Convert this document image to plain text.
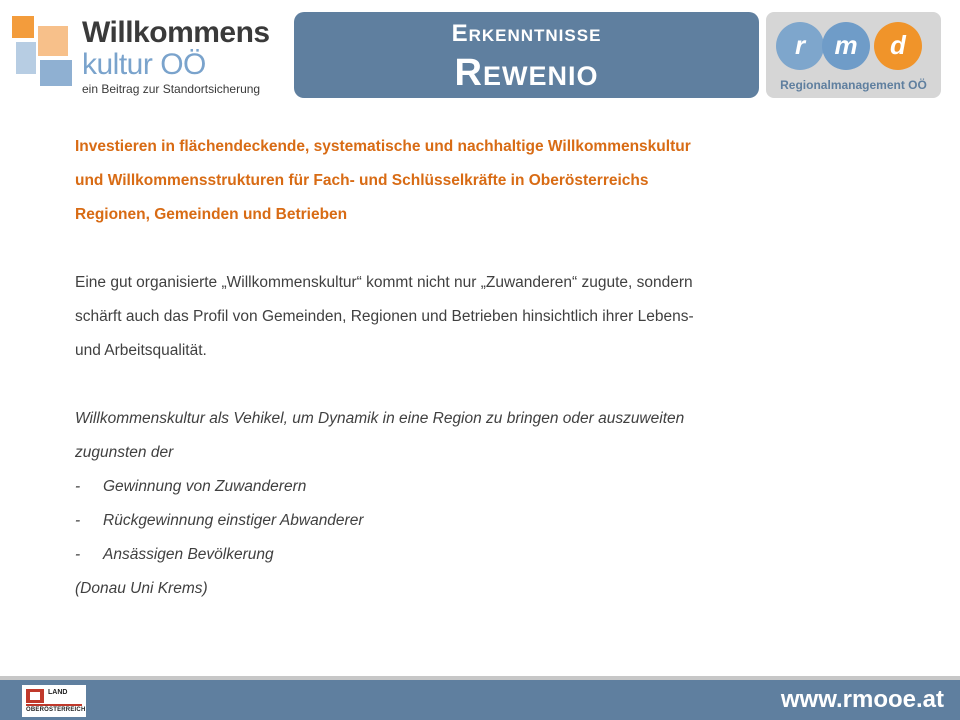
Willkommens
kultur OÖ
ein Beitrag zur Standortsicherung
Erkenntnisse
Rewenio
r	m	d
Regionalmanagement OÖ

Investieren in flächendeckende, systematische und nachhaltige Willkommenskultur

und Willkommensstrukturen für Fach- und Schlüsselkräfte in Oberösterreichs

Regionen, Gemeinden und Betrieben

Eine gut organisierte „Willkommenskultur“ kommt nicht nur „Zuwanderen“ zugute, sondern

schärft auch das Profil von Gemeinden, Regionen und Betrieben hinsichtlich ihrer Lebens-

und Arbeitsqualität.

Willkommenskultur als Vehikel, um Dynamik in eine Region zu bringen oder auszuweiten

zugunsten der

- Gewinnung von Zuwanderern
- Rückgewinnung einstiger Abwanderer
- Ansässigen Bevölkerung

(Donau Uni Krems)

LAND
OBERÖSTERREICH	www.rmooe.at
